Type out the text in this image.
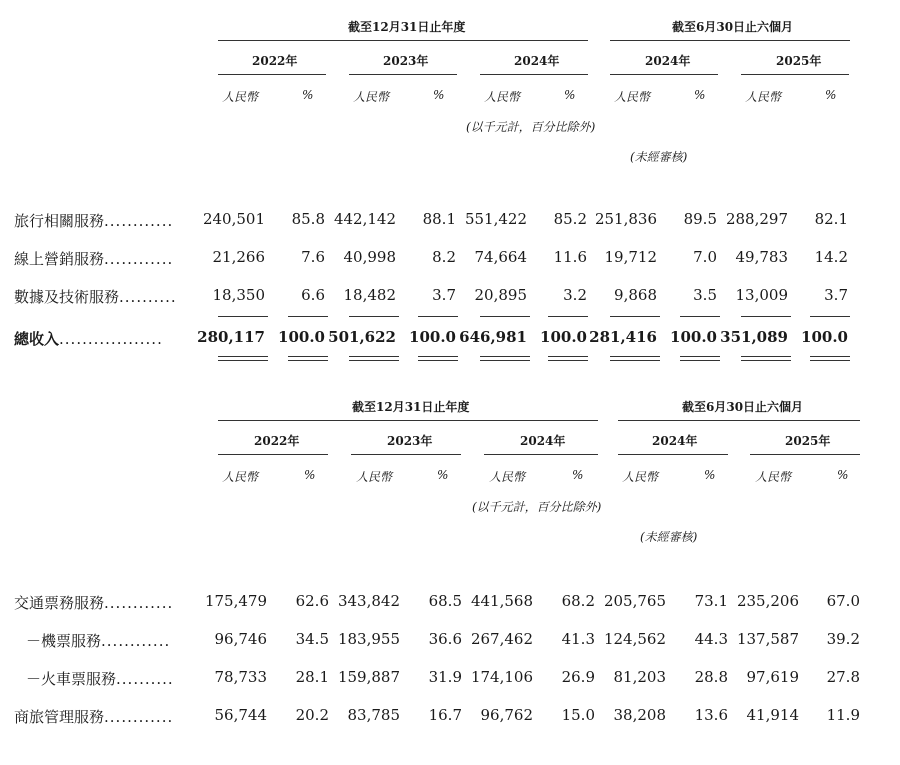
截至12月31日止年度	截至6月30日止六個月
2022年	2023年	2024年	2024年	2025年
人民幣	%	人民幣	%	人民幣	%	人民幣	%	人民幣	%
(以千元計，百分比除外)
(未經審核)
旅行相關服務............ 240,501 85.8 442,142 88.1 551,422 85.2 251,836 89.5 288,297 82.1
線上營銷服務............	21,266 7.6 40,998 8.2 74,664 11.6 19,712 7.0 49,783 14.2
數據及技術服務.......... 18,350 6.6 18,482 3.7 20,895 3.2 9,868 3.5 13,009 3.7
總收入.................. 280,117 100.0 501,622 100.0 646,981 100.0 281,416 100.0 351,089 100.0
截至12月31日止年度	截至6月30日止六個月
2022年	2023年	2024年	2024年	2025年
人民幣	%	人民幣	%	人民幣	%	人民幣	%	人民幣	%
(以千元計，百分比除外)
(未經審核)
交通票務服務............ 175,479 62.6 343,842 68.5 441,568 68.2 205,765 73.1 235,206 67.0
－機票服務............	96,746 34.5 183,955 36.6 267,462 41.3 124,562 44.3 137,587 39.2
－火車票服務..........	78,733 28.1 159,887 31.9 174,106 26.9 81,203 28.8 97,619 27.8
商旅管理服務............	56,744 20.2 83,785 16.7 96,762 15.0 38,208 13.6 41,914 11.9
